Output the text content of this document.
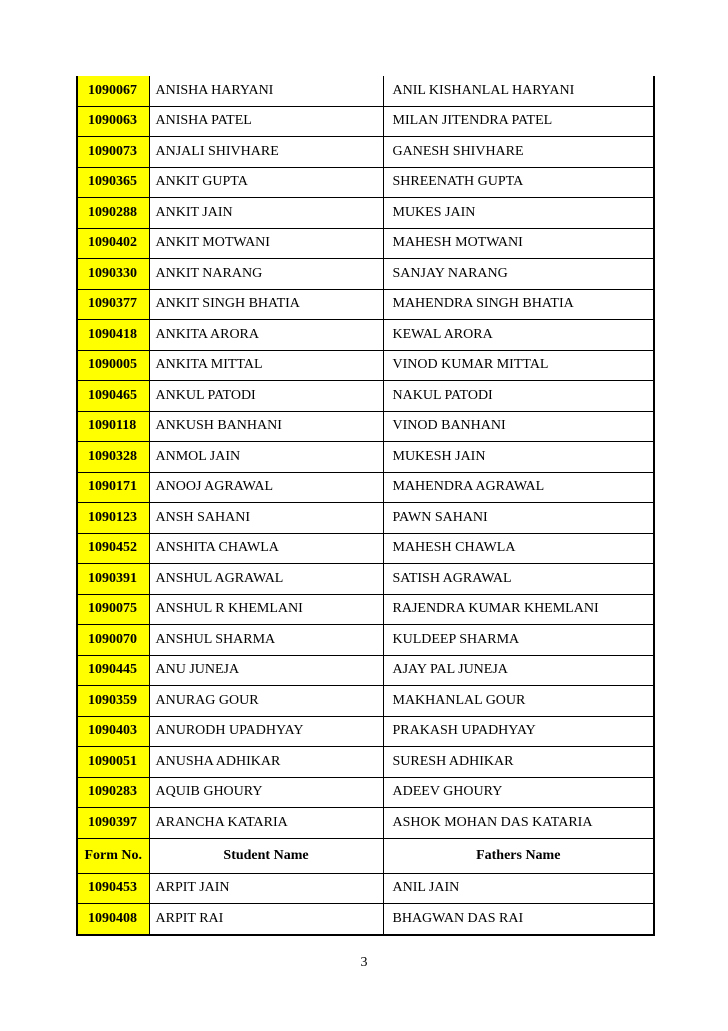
1090067	ANISHA HARYANI	ANIL KISHANLAL HARYANI
1090063	ANISHA PATEL	MILAN JITENDRA PATEL
1090073	ANJALI SHIVHARE	GANESH SHIVHARE
1090365	ANKIT GUPTA	SHREENATH GUPTA
1090288	ANKIT JAIN	MUKES JAIN
1090402	ANKIT MOTWANI	MAHESH MOTWANI
1090330	ANKIT NARANG	SANJAY NARANG
1090377	ANKIT SINGH BHATIA	MAHENDRA SINGH BHATIA
1090418	ANKITA ARORA	KEWAL ARORA
1090005	ANKITA MITTAL	VINOD KUMAR MITTAL
1090465	ANKUL PATODI	NAKUL PATODI
1090118	ANKUSH BANHANI	VINOD BANHANI
1090328	ANMOL JAIN	MUKESH JAIN
1090171	ANOOJ AGRAWAL	MAHENDRA AGRAWAL
1090123	ANSH SAHANI	PAWN SAHANI
1090452	ANSHITA CHAWLA	MAHESH CHAWLA
1090391	ANSHUL AGRAWAL	SATISH AGRAWAL
1090075	ANSHUL R KHEMLANI	RAJENDRA KUMAR KHEMLANI
1090070	ANSHUL SHARMA	KULDEEP SHARMA
1090445	ANU JUNEJA	AJAY PAL JUNEJA
1090359	ANURAG GOUR	MAKHANLAL GOUR
1090403	ANURODH UPADHYAY	PRAKASH UPADHYAY
1090051	ANUSHA ADHIKAR	SURESH ADHIKAR
1090283	AQUIB GHOURY	ADEEV GHOURY
1090397	ARANCHA KATARIA	ASHOK MOHAN DAS KATARIA
Form No.	Student Name	Fathers Name
1090453	ARPIT JAIN	ANIL JAIN
1090408	ARPIT RAI	BHAGWAN DAS RAI
3
